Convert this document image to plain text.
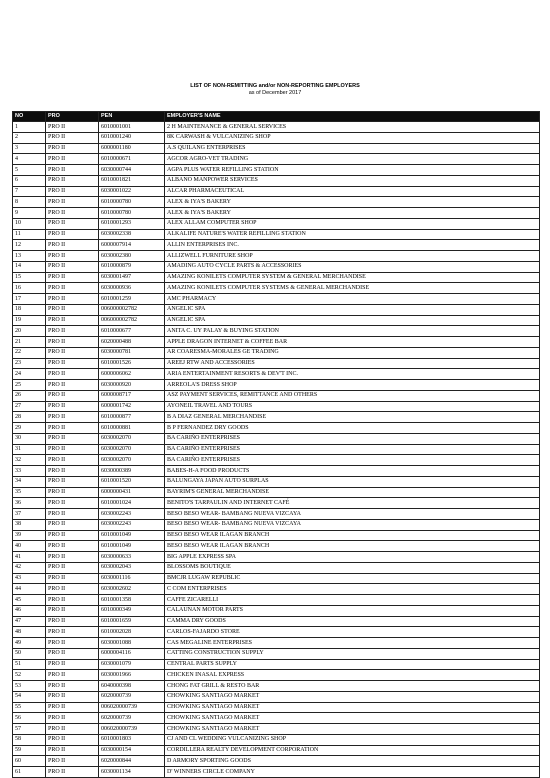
LIST OF NON-REMITTING and/or NON-REPORTING EMPLOYERS
as of December 2017
NO	PRO	PEN	EMPLOYER'S NAME
1	PRO II	6010001001	2 H MAINTENANCE & GENERAL SERVICES
2	PRO II	6010001240	8K CARWASH & VULCANIZING SHOP
3	PRO II	6000001180	A.S QUILANG ENTERPRISES
4	PRO II	6010000671	AGCOR AGRO-VET TRADING
5	PRO II	6030000744	AGPA PLUS WATER REFILLING STATION
6	PRO II	6010001821	ALBANO MANPOWER SERVICES
7	PRO II	6030001022	ALCAR PHARMACEUTICAL
8	PRO II	6010000780	ALEX & IYA'S BAKERY
9	PRO II	6010000780	ALEX & IYA'S BAKERY
10	PRO II	6010001293	ALEX ALLAM COMPUTER SHOP
11	PRO II	6030002338	ALKALIFE NATURE'S WATER REFILLING STATION
12	PRO II	6000007914	ALLIN ENTERPRISES INC.
13	PRO II	6030002380	ALLIZWELL FURNITURE SHOP
14	PRO II	6010000879	AMADING AUTO CYCLE PARTS & ACCESSORIES
15	PRO II	6030001497	AMAZING KONILETS COMPUTER SYSTEM & GENERAL MERCHANDISE
16	PRO II	6030000936	AMAZING KONILETS COMPUTER SYSTEMS & GENERAL MERCHANDISE
17	PRO II	6010001259	AMC PHARMACY
18	PRO II	006000002782	ANGELIC SPA
19	PRO II	006000002782	ANGELIC SPA
20	PRO II	6010000677	ANITA C. UY PALAY & BUYING STATION
21	PRO II	6020000488	APPLE DRAGON INTERNET & COFFEE BAR
22	PRO II	6030000781	AR COARESMA-MORALES GE TRADING
23	PRO II	6010001526	AREEJ RTW AND ACCESSORIES
24	PRO II	6000006062	ARIA ENTERTAINMENT RESORTS & DEV'T INC.
25	PRO II	6030000920	ARREOLA'S DRESS SHOP
26	PRO II	6000008717	ASZ PAYMENT SERVICES, REMITTANCE AND OTHERS
27	PRO II	6000001742	AYONEIL TRAVEL AND TOURS
28	PRO II	6010000877	B A DIAZ GENERAL MERCHANDISE
29	PRO II	6010000881	B P FERNANDEZ DRY GOODS
30	PRO II	6030002070	BA CARIÑO ENTERPRISES
31	PRO II	6030002070	BA CARIÑO ENTERPRISES
32	PRO II	6030002070	BA CARIÑO ENTERPRISES
33	PRO II	6030000389	BABES-H-A FOOD PRODUCTS
34	PRO II	6010001520	BALUNGAYA JAPAN AUTO SURPLAS
35	PRO II	6000000431	BAYRIM'S GENERAL MERCHANDISE
36	PRO II	6010001024	BENITO'S TARPAULIN AND INTERNET CAFÉ
37	PRO II	6030002243	BESO BESO WEAR- BAMBANG NUEVA VIZCAYA
38	PRO II	6030002243	BESO BESO WEAR- BAMBANG NUEVA VIZCAYA
39	PRO II	6010001049	BESO BESO WEAR ILAGAN BRANCH
40	PRO II	6010001049	BESO BESO WEAR ILAGAN BRANCH
41	PRO II	6030000633	BIG APPLE EXPRESS SPA
42	PRO II	6030002043	BLOSSOMS BOUTIQUE
43	PRO II	6030001116	BMCJR LUGAW REPUBLIC
44	PRO II	6030002602	C COM ENTERPRISES
45	PRO II	6010001358	CAFFE ZICARELLI
46	PRO II	6010000349	CALAUNAN MOTOR PARTS
47	PRO II	6010001659	CAMMA DRY GOODS
48	PRO II	6010002028	CARLOS-FAJARDO STORE
49	PRO II	6030001088	CAS MEGALINE ENTERPRISES
50	PRO II	6000004116	CATTING CONSTRUCTION SUPPLY
51	PRO II	6030001079	CENTRAL PARTS SUPPLY
52	PRO II	6030001966	CHICKEN INASAL EXPRESS
53	PRO II	6040000398	CHONG FAT GRILL & RESTO BAR
54	PRO II	6020000739	CHOWKING SANTIAGO MARKET
55	PRO II	006020000739	CHOWKING SANTIAGO MARKET
56	PRO II	6020000739	CHOWKING SANTIAGO MARKET
57	PRO II	006020000739	CHOWKING SANTIAGO MARKET
58	PRO II	6010001803	CJ AND CL WEDDING VULCANIZING SHOP
59	PRO II	6030000154	CORDILLERA REALTY DEVELOPMENT CORPORATION
60	PRO II	6020000844	D ARMORY SPORTING GOODS
61	PRO II	6030001134	D' WINNERS CIRCLE COMPANY
